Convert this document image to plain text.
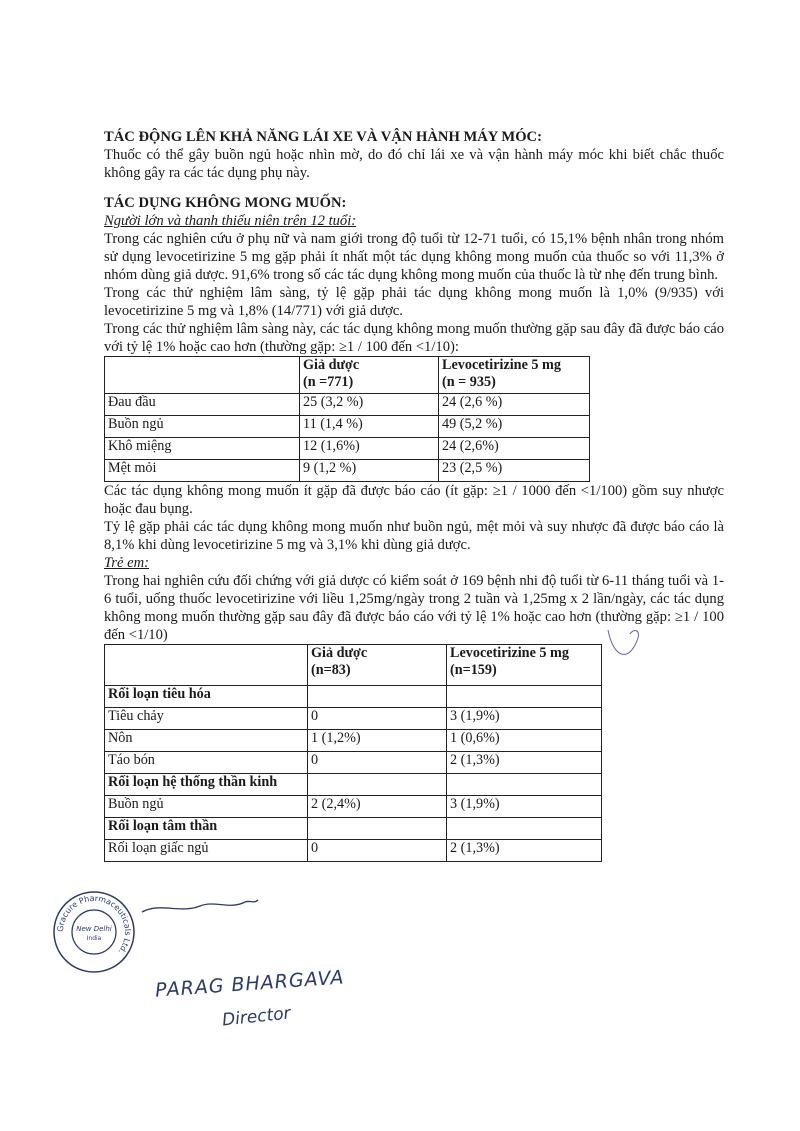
TÁC ĐỘNG LÊN KHẢ NĂNG LÁI XE VÀ VẬN HÀNH MÁY MÓC:

Thuốc có thể gây buồn ngủ hoặc nhìn mờ, do đó chỉ lái xe và vận hành máy móc khi biết chắc thuốc không gây ra các tác dụng phụ này.

TÁC DỤNG KHÔNG MONG MUỐN:
Người lớn và thanh thiếu niên trên 12 tuổi:

Trong các nghiên cứu ở phụ nữ và nam giới trong độ tuổi từ 12-71 tuổi, có 15,1% bệnh nhân trong nhóm sử dụng levocetirizine 5 mg gặp phải ít nhất một tác dụng không mong muốn của thuốc so với 11,3% ở nhóm dùng giả dược. 91,6% trong số các tác dụng không mong muốn của thuốc là từ nhẹ đến trung bình.

Trong các thử nghiệm lâm sàng, tỷ lệ gặp phải tác dụng không mong muốn là 1,0% (9/935) với levocetirizine 5 mg và 1,8% (14/771) với giả dược.

Trong các thử nghiệm lâm sàng này, các tác dụng không mong muốn thường gặp sau đây đã được báo cáo với tỷ lệ 1% hoặc cao hơn (thường gặp: ≥1 / 100 đến <1/10):

	Giả dược
(n =771)	Levocetirizine 5 mg
(n = 935)
Đau đầu	25 (3,2 %)	24 (2,6 %)
Buồn ngủ	11 (1,4 %)	49 (5,2 %)
Khô miệng	12 (1,6%)	24 (2,6%)
Mệt mỏi	9 (1,2 %)	23 (2,5 %)

Các tác dụng không mong muốn ít gặp đã được báo cáo (ít gặp: ≥1 / 1000 đến <1/100) gồm suy nhược hoặc đau bụng.

Tỷ lệ gặp phải các tác dụng không mong muốn như buồn ngủ, mệt mỏi và suy nhược đã được báo cáo là 8,1% khi dùng levocetirizine 5 mg và 3,1% khi dùng giả dược.

Trẻ em:

Trong hai nghiên cứu đối chứng với giả dược có kiểm soát ở 169 bệnh nhi độ tuổi từ 6-11 tháng tuổi và 1-6 tuổi, uống thuốc levocetirizine với liều 1,25mg/ngày trong 2 tuần và 1,25mg x 2 lần/ngày, các tác dụng không mong muốn thường gặp sau đây đã được báo cáo với tỷ lệ 1% hoặc cao hơn (thường gặp: ≥1 / 100 đến <1/10)

	Giả dược
(n=83)	Levocetirizine 5 mg
(n=159)
Rối loạn tiêu hóa		
Tiêu chảy	0	3 (1,9%)
Nôn	1 (1,2%)	1 (0,6%)
Táo bón	0	2 (1,3%)
Rối loạn hệ thống thần kinh		
Buồn ngủ	2 (2,4%)	3 (1,9%)
Rối loạn tâm thần		
Rối loạn giấc ngủ	0	2 (1,3%)
Gracure Pharmaceuticals Ltd.
New Delhi
India
PARAG BHARGAVA
Director
